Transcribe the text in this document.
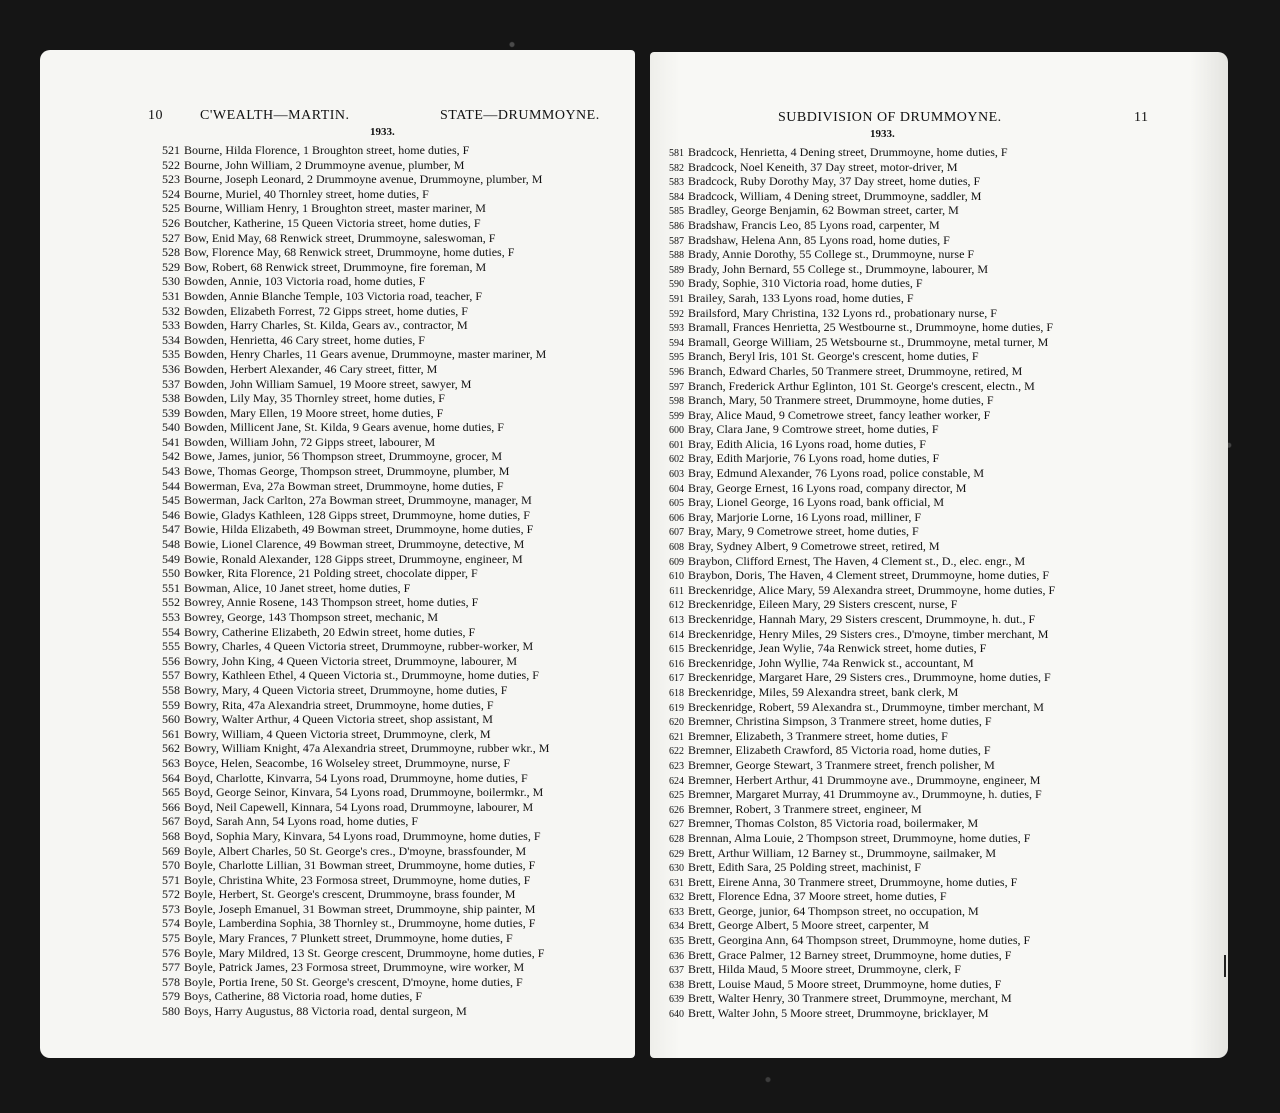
10	C'WEALTH—MARTIN.	STATE—DRUMMOYNE.
1933.
521 Bourne, Hilda Florence, 1 Broughton street, home duties, F
522 Bourne, John William, 2 Drummoyne avenue, plumber, M
523 Bourne, Joseph Leonard, 2 Drummoyne avenue, Drummoyne, plumber, M
524 Bourne, Muriel, 40 Thornley street, home duties, F
525 Bourne, William Henry, 1 Broughton street, master mariner, M
526 Boutcher, Katherine, 15 Queen Victoria street, home duties, F
527 Bow, Enid May, 68 Renwick street, Drummoyne, saleswoman, F
528 Bow, Florence May, 68 Renwick street, Drummoyne, home duties, F
529 Bow, Robert, 68 Renwick street, Drummoyne, fire foreman, M
530 Bowden, Annie, 103 Victoria road, home duties, F
531 Bowden, Annie Blanche Temple, 103 Victoria road, teacher, F
532 Bowden, Elizabeth Forrest, 72 Gipps street, home duties, F
533 Bowden, Harry Charles, St. Kilda, Gears av., contractor, M
534 Bowden, Henrietta, 46 Cary street, home duties, F
535 Bowden, Henry Charles, 11 Gears avenue, Drummoyne, master mariner, M
536 Bowden, Herbert Alexander, 46 Cary street, fitter, M
537 Bowden, John William Samuel, 19 Moore street, sawyer, M
538 Bowden, Lily May, 35 Thornley street, home duties, F
539 Bowden, Mary Ellen, 19 Moore street, home duties, F
540 Bowden, Millicent Jane, St. Kilda, 9 Gears avenue, home duties, F
541 Bowden, William John, 72 Gipps street, labourer, M
542 Bowe, James, junior, 56 Thompson street, Drummoyne, grocer, M
543 Bowe, Thomas George, Thompson street, Drummoyne, plumber, M
544 Bowerman, Eva, 27a Bowman street, Drummoyne, home duties, F
545 Bowerman, Jack Carlton, 27a Bowman street, Drummoyne, manager, M
546 Bowie, Gladys Kathleen, 128 Gipps street, Drummoyne, home duties, F
547 Bowie, Hilda Elizabeth, 49 Bowman street, Drummoyne, home duties, F
548 Bowie, Lionel Clarence, 49 Bowman street, Drummoyne, detective, M
549 Bowie, Ronald Alexander, 128 Gipps street, Drummoyne, engineer, M
550 Bowker, Rita Florence, 21 Polding street, chocolate dipper, F
551 Bowman, Alice, 10 Janet street, home duties, F
552 Bowrey, Annie Rosene, 143 Thompson street, home duties, F
553 Bowrey, George, 143 Thompson street, mechanic, M
554 Bowry, Catherine Elizabeth, 20 Edwin street, home duties, F
555 Bowry, Charles, 4 Queen Victoria street, Drummoyne, rubber-worker, M
556 Bowry, John King, 4 Queen Victoria street, Drummoyne, labourer, M
557 Bowry, Kathleen Ethel, 4 Queen Victoria st., Drummoyne, home duties, F
558 Bowry, Mary, 4 Queen Victoria street, Drummoyne, home duties, F
559 Bowry, Rita, 47a Alexandria street, Drummoyne, home duties, F
560 Bowry, Walter Arthur, 4 Queen Victoria street, shop assistant, M
561 Bowry, William, 4 Queen Victoria street, Drummoyne, clerk, M
562 Bowry, William Knight, 47a Alexandria street, Drummoyne, rubber wkr., M
563 Boyce, Helen, Seacombe, 16 Wolseley street, Drummoyne, nurse, F
564 Boyd, Charlotte, Kinvarra, 54 Lyons road, Drummoyne, home duties, F
565 Boyd, George Seinor, Kinvara, 54 Lyons road, Drummoyne, boilermkr., M
566 Boyd, Neil Capewell, Kinnara, 54 Lyons road, Drummoyne, labourer, M
567 Boyd, Sarah Ann, 54 Lyons road, home duties, F
568 Boyd, Sophia Mary, Kinvara, 54 Lyons road, Drummoyne, home duties, F
569 Boyle, Albert Charles, 50 St. George's cres., D'moyne, brassfounder, M
570 Boyle, Charlotte Lillian, 31 Bowman street, Drummoyne, home duties, F
571 Boyle, Christina White, 23 Formosa street, Drummoyne, home duties, F
572 Boyle, Herbert, St. George's crescent, Drummoyne, brass founder, M
573 Boyle, Joseph Emanuel, 31 Bowman street, Drummoyne, ship painter, M
574 Boyle, Lamberdina Sophia, 38 Thornley st., Drummoyne, home duties, F
575 Boyle, Mary Frances, 7 Plunkett street, Drummoyne, home duties, F
576 Boyle, Mary Mildred, 13 St. George crescent, Drummoyne, home duties, F
577 Boyle, Patrick James, 23 Formosa street, Drummoyne, wire worker, M
578 Boyle, Portia Irene, 50 St. George's crescent, D'moyne, home duties, F
579 Boys, Catherine, 88 Victoria road, home duties, F
580 Boys, Harry Augustus, 88 Victoria road, dental surgeon, M
SUBDIVISION OF DRUMMOYNE.	11
1933.
581 Bradcock, Henrietta, 4 Dening street, Drummoyne, home duties, F
582 Bradcock, Noel Keneith, 37 Day street, motor-driver, M
583 Bradcock, Ruby Dorothy May, 37 Day street, home duties, F
584 Bradcock, William, 4 Dening street, Drummoyne, saddler, M
585 Bradley, George Benjamin, 62 Bowman street, carter, M
586 Bradshaw, Francis Leo, 85 Lyons road, carpenter, M
587 Bradshaw, Helena Ann, 85 Lyons road, home duties, F
588 Brady, Annie Dorothy, 55 College st., Drummoyne, nurse F
589 Brady, John Bernard, 55 College st., Drummoyne, labourer, M
590 Brady, Sophie, 310 Victoria road, home duties, F
591 Brailey, Sarah, 133 Lyons road, home duties, F
592 Brailsford, Mary Christina, 132 Lyons rd., probationary nurse, F
593 Bramall, Frances Henrietta, 25 Westbourne st., Drummoyne, home duties, F
594 Bramall, George William, 25 Wetsbourne st., Drummoyne, metal turner, M
595 Branch, Beryl Iris, 101 St. George's crescent, home duties, F
596 Branch, Edward Charles, 50 Tranmere street, Drummoyne, retired, M
597 Branch, Frederick Arthur Eglinton, 101 St. George's crescent, electn., M
598 Branch, Mary, 50 Tranmere street, Drummoyne, home duties, F
599 Bray, Alice Maud, 9 Cometrowe street, fancy leather worker, F
600 Bray, Clara Jane, 9 Comtrowe street, home duties, F
601 Bray, Edith Alicia, 16 Lyons road, home duties, F
602 Bray, Edith Marjorie, 76 Lyons road, home duties, F
603 Bray, Edmund Alexander, 76 Lyons road, police constable, M
604 Bray, George Ernest, 16 Lyons road, company director, M
605 Bray, Lionel George, 16 Lyons road, bank official, M
606 Bray, Marjorie Lorne, 16 Lyons road, milliner, F
607 Bray, Mary, 9 Cometrowe street, home duties, F
608 Bray, Sydney Albert, 9 Cometrowe street, retired, M
609 Braybon, Clifford Ernest, The Haven, 4 Clement st., D., elec. engr., M
610 Braybon, Doris, The Haven, 4 Clement street, Drummoyne, home duties, F
611 Breckenridge, Alice Mary, 59 Alexandra street, Drummoyne, home duties, F
612 Breckenridge, Eileen Mary, 29 Sisters crescent, nurse, F
613 Breckenridge, Hannah Mary, 29 Sisters crescent, Drummoyne, h. dut., F
614 Breckenridge, Henry Miles, 29 Sisters cres., D'moyne, timber merchant, M
615 Breckenridge, Jean Wylie, 74a Renwick street, home duties, F
616 Breckenridge, John Wyllie, 74a Renwick st., accountant, M
617 Breckenridge, Margaret Hare, 29 Sisters cres., Drummoyne, home duties, F
618 Breckenridge, Miles, 59 Alexandra street, bank clerk, M
619 Breckenridge, Robert, 59 Alexandra st., Drummoyne, timber merchant, M
620 Bremner, Christina Simpson, 3 Tranmere street, home duties, F
621 Bremner, Elizabeth, 3 Tranmere street, home duties, F
622 Bremner, Elizabeth Crawford, 85 Victoria road, home duties, F
623 Bremner, George Stewart, 3 Tranmere street, french polisher, M
624 Bremner, Herbert Arthur, 41 Drummoyne ave., Drummoyne, engineer, M
625 Bremner, Margaret Murray, 41 Drummoyne av., Drummoyne, h. duties, F
626 Bremner, Robert, 3 Tranmere street, engineer, M
627 Bremner, Thomas Colston, 85 Victoria road, boilermaker, M
628 Brennan, Alma Louie, 2 Thompson street, Drummoyne, home duties, F
629 Brett, Arthur William, 12 Barney st., Drummoyne, sailmaker, M
630 Brett, Edith Sara, 25 Polding street, machinist, F
631 Brett, Eirene Anna, 30 Tranmere street, Drummoyne, home duties, F
632 Brett, Florence Edna, 37 Moore street, home duties, F
633 Brett, George, junior, 64 Thompson street, no occupation, M
634 Brett, George Albert, 5 Moore street, carpenter, M
635 Brett, Georgina Ann, 64 Thompson street, Drummoyne, home duties, F
636 Brett, Grace Palmer, 12 Barney street, Drummoyne, home duties, F
637 Brett, Hilda Maud, 5 Moore street, Drummoyne, clerk, F
638 Brett, Louise Maud, 5 Moore street, Drummoyne, home duties, F
639 Brett, Walter Henry, 30 Tranmere street, Drummoyne, merchant, M
640 Brett, Walter John, 5 Moore street, Drummoyne, bricklayer, M
